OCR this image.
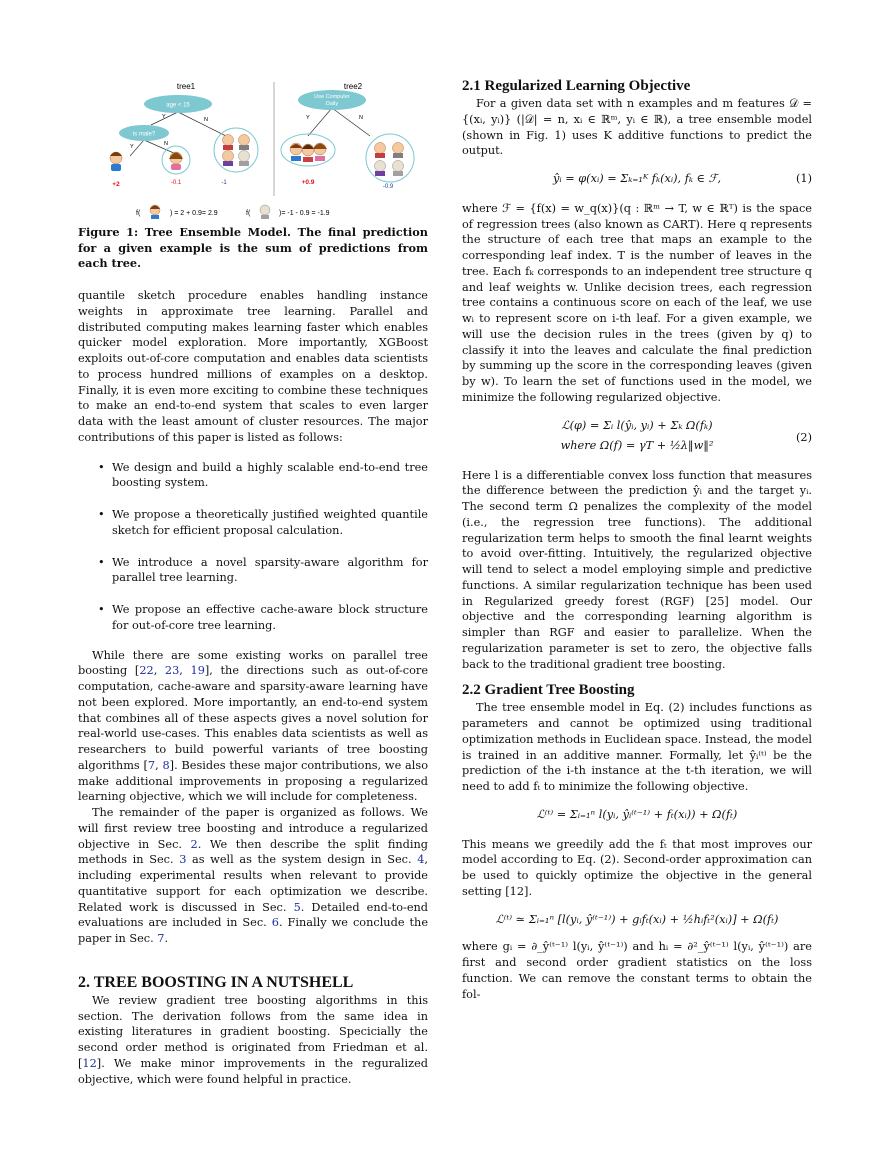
tree1	tree2
Y	N
Y	N
age < 15
is male?
+2	-0.1	-1
Y	N
Use Computer
Daily
+0.9
-0.9
f(	) = 2 + 0.9= 2.9	f(	)= -1 - 0.9 = -1.9

Figure 1: Tree Ensemble Model. The final prediction for a given example is the sum of predictions from each tree.

quantile sketch procedure enables handling instance weights in approximate tree learning. Parallel and distributed computing makes learning faster which enables quicker model exploration. More importantly, XGBoost exploits out-of-core computation and enables data scientists to process hundred millions of examples on a desktop. Finally, it is even more exciting to combine these techniques to make an end-to-end system that scales to even larger data with the least amount of cluster resources. The major contributions of this paper is listed as follows:

• We design and build a highly scalable end-to-end tree boosting system.
• We propose a theoretically justified weighted quantile sketch for efficient proposal calculation.
• We introduce a novel sparsity-aware algorithm for parallel tree learning.
• We propose an effective cache-aware block structure for out-of-core tree learning.

While there are some existing works on parallel tree boosting [22, 23, 19], the directions such as out-of-core computation, cache-aware and sparsity-aware learning have not been explored. More importantly, an end-to-end system that combines all of these aspects gives a novel solution for real-world use-cases. This enables data scientists as well as researchers to build powerful variants of tree boosting algorithms [7, 8]. Besides these major contributions, we also make additional improvements in proposing a regularized learning objective, which we will include for completeness.

The remainder of the paper is organized as follows. We will first review tree boosting and introduce a regularized objective in Sec. 2. We then describe the split finding methods in Sec. 3 as well as the system design in Sec. 4, including experimental results when relevant to provide quantitative support for each optimization we describe. Related work is discussed in Sec. 5. Detailed end-to-end evaluations are included in Sec. 6. Finally we conclude the paper in Sec. 7.

2. TREE BOOSTING IN A NUTSHELL

We review gradient tree boosting algorithms in this section. The derivation follows from the same idea in existing literatures in gradient boosting. Specicially the second order method is originated from Friedman et al. [12]. We make minor improvements in the reguralized objective, which were found helpful in practice.

2.1 Regularized Learning Objective

For a given data set with n examples and m features 𝒟 = {(xᵢ, yᵢ)} (|𝒟| = n, xᵢ ∈ ℝᵐ, yᵢ ∈ ℝ), a tree ensemble model (shown in Fig. 1) uses K additive functions to predict the output.

ŷᵢ = φ(xᵢ) = Σₖ₌₁ᴷ fₖ(xᵢ), fₖ ∈ ℱ,	(1)

where ℱ = {f(x) = w_q(x)}(q : ℝᵐ → T, w ∈ ℝᵀ) is the space of regression trees (also known as CART). Here q represents the structure of each tree that maps an example to the corresponding leaf index. T is the number of leaves in the tree. Each fₖ corresponds to an independent tree structure q and leaf weights w. Unlike decision trees, each regression tree contains a continuous score on each of the leaf, we use wᵢ to represent score on i-th leaf. For a given example, we will use the decision rules in the trees (given by q) to classify it into the leaves and calculate the final prediction by summing up the score in the corresponding leaves (given by w). To learn the set of functions used in the model, we minimize the following regularized objective.

ℒ(φ) = Σᵢ l(ŷᵢ, yᵢ) + Σₖ Ω(fₖ)
where Ω(f) = γT + ½λ‖w‖²
(2)

Here l is a differentiable convex loss function that measures the difference between the prediction ŷᵢ and the target yᵢ. The second term Ω penalizes the complexity of the model (i.e., the regression tree functions). The additional regularization term helps to smooth the final learnt weights to avoid over-fitting. Intuitively, the regularized objective will tend to select a model employing simple and predictive functions. A similar regularization technique has been used in Regularized greedy forest (RGF) [25] model. Our objective and the corresponding learning algorithm is simpler than RGF and easier to parallelize. When the regularization parameter is set to zero, the objective falls back to the traditional gradient tree boosting.

2.2 Gradient Tree Boosting

The tree ensemble model in Eq. (2) includes functions as parameters and cannot be optimized using traditional optimization methods in Euclidean space. Instead, the model is trained in an additive manner. Formally, let ŷᵢ⁽ᵗ⁾ be the prediction of the i-th instance at the t-th iteration, we will need to add fₜ to minimize the following objective.

ℒ⁽ᵗ⁾ = Σᵢ₌₁ⁿ l(yᵢ, ŷᵢ⁽ᵗ⁻¹⁾ + fₜ(xᵢ)) + Ω(fₜ)

This means we greedily add the fₜ that most improves our model according to Eq. (2). Second-order approximation can be used to quickly optimize the objective in the general setting [12].

ℒ⁽ᵗ⁾ ≃ Σᵢ₌₁ⁿ [l(yᵢ, ŷ⁽ᵗ⁻¹⁾) + gᵢfₜ(xᵢ) + ½hᵢfₜ²(xᵢ)] + Ω(fₜ)

where gᵢ = ∂_ŷ⁽ᵗ⁻¹⁾ l(yᵢ, ŷ⁽ᵗ⁻¹⁾) and hᵢ = ∂²_ŷ⁽ᵗ⁻¹⁾ l(yᵢ, ŷ⁽ᵗ⁻¹⁾) are first and second order gradient statistics on the loss function. We can remove the constant terms to obtain the fol-
